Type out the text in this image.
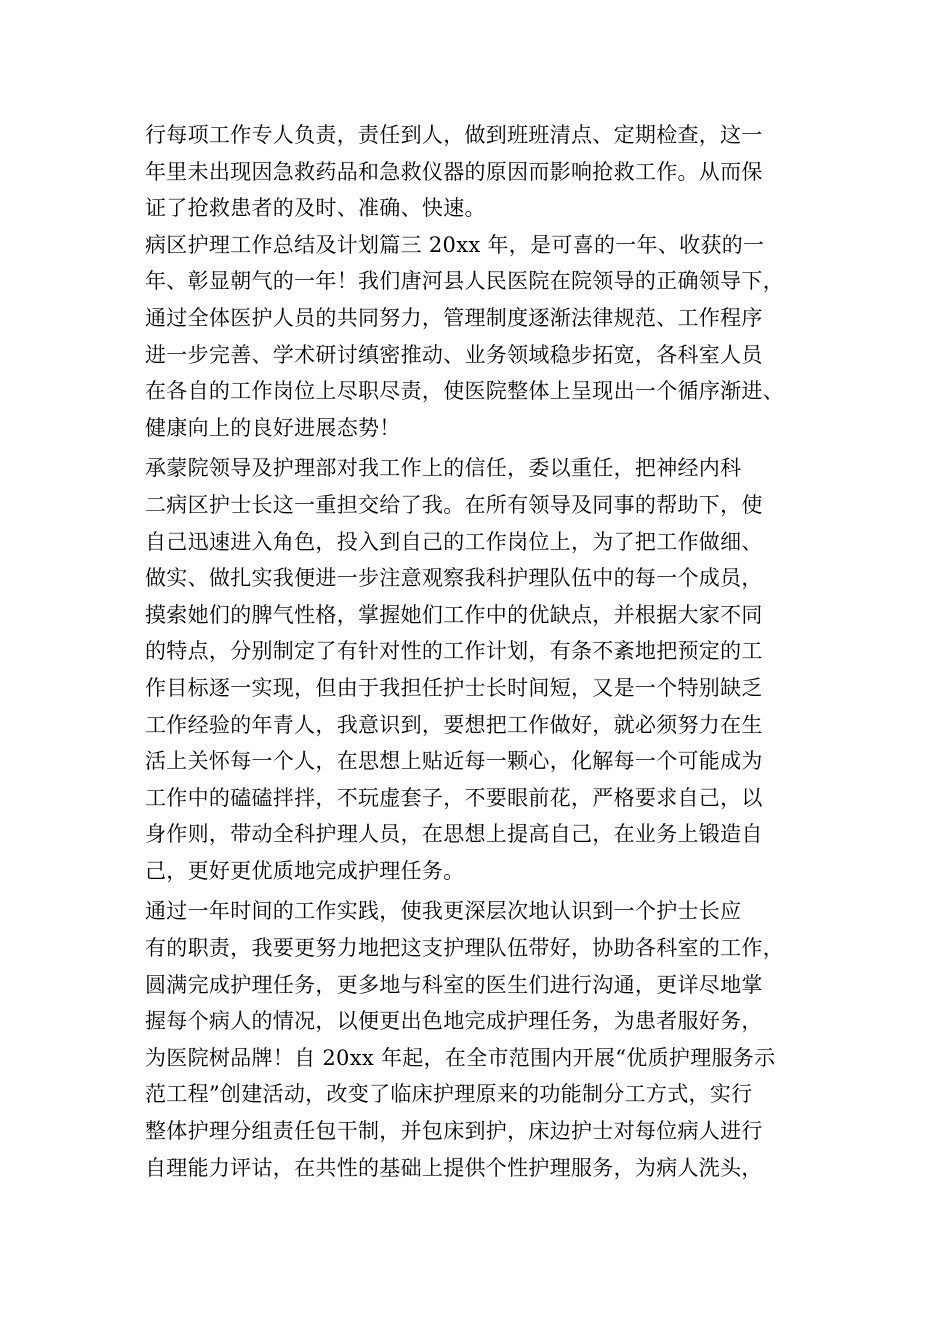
行每项工作专人负责，责任到人，做到班班清点、定期检查，这一
年里未出现因急救药品和急救仪器的原因而影响抢救工作。从而保
证了抢救患者的及时、准确、快速。
病区护理工作总结及计划篇三 20xx 年，是可喜的一年、收获的一
年、彰显朝气的一年！我们唐河县人民医院在院领导的正确领导下，
通过全体医护人员的共同努力，管理制度逐渐法律规范、工作程序
进一步完善、学术研讨缜密推动、业务领域稳步拓宽，各科室人员
在各自的工作岗位上尽职尽责，使医院整体上呈现出一个循序渐进、
健康向上的良好进展态势！
承蒙院领导及护理部对我工作上的信任，委以重任，把神经内科
二病区护士长这一重担交给了我。在所有领导及同事的帮助下，使
自己迅速进入角色，投入到自己的工作岗位上，为了把工作做细、
做实、做扎实我便进一步注意观察我科护理队伍中的每一个成员，
摸索她们的脾气性格，掌握她们工作中的优缺点，并根据大家不同
的特点，分别制定了有针对性的工作计划，有条不紊地把预定的工
作目标逐一实现，但由于我担任护士长时间短，又是一个特别缺乏
工作经验的年青人，我意识到，要想把工作做好，就必须努力在生
活上关怀每一个人，在思想上贴近每一颗心，化解每一个可能成为
工作中的磕磕拌拌，不玩虚套子，不要眼前花，严格要求自己，以
身作则，带动全科护理人员，在思想上提高自己，在业务上锻造自
己，更好更优质地完成护理任务。
通过一年时间的工作实践，使我更深层次地认识到一个护士长应
有的职责，我要更努力地把这支护理队伍带好，协助各科室的工作，
圆满完成护理任务，更多地与科室的医生们进行沟通，更详尽地掌
握每个病人的情况，以便更出色地完成护理任务，为患者服好务，
为医院树品牌！自 20xx 年起，在全市范围内开展“优质护理服务示
范工程”创建活动，改变了临床护理原来的功能制分工方式，实行
整体护理分组责任包干制，并包床到护，床边护士对每位病人进行
自理能力评诂，在共性的基础上提供个性护理服务，为病人洗头，
